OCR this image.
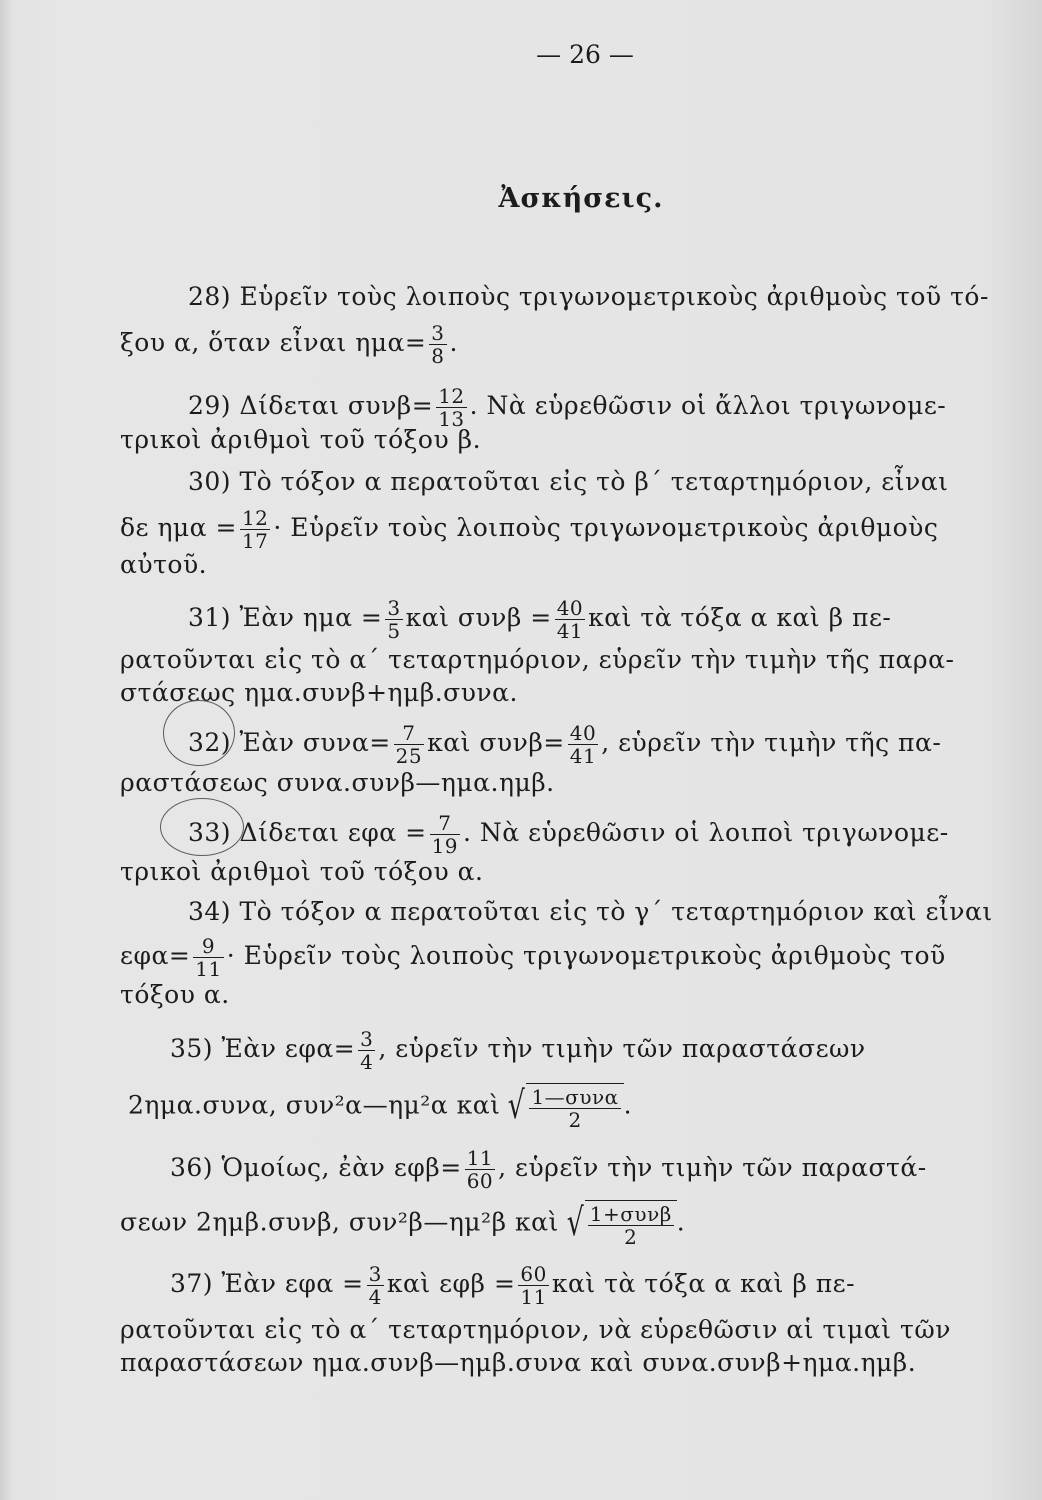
— 26 —
Ἀσκήσεις.
28) Εὑρεῖν τοὺς λοιποὺς τριγωνομετρικοὺς ἀριθμοὺς τοῦ τό-
ξου α, ὅταν εἶναι $\eta\mu\alpha= \frac{3}{8}$ .
29) Δίδεται $\sigma\upsilon\nu\beta= \frac{12}{13}$ . Νὰ εὑρεθῶσιν οἱ ἄλλοι τριγωνομε-
τρικοὶ ἀριθμοὶ τοῦ τόξου β.
30) Τὸ τόξον α περατοῦται εἰς τὸ β΄ τεταρτημόριον, εἶναι
δε $\eta\mu\alpha = \frac{12}{17}$ · Εὑρεῖν τοὺς λοιποὺς τριγωνομετρικοὺς ἀριθμοὺς
αὐτοῦ.
31) Ἐὰν $\eta\mu\alpha = \frac{3}{5}$ καὶ $\sigma\upsilon\nu\beta = \frac{40}{41}$ καὶ τὰ τόξα α καὶ β πε-
ρατοῦνται εἰς τὸ α΄ τεταρτημόριον, εὑρεῖν τὴν τιμὴν τῆς παρα-
στάσεως ημα.συνβ+ημβ.συνα.
32) Ἐὰν $\sigma\upsilon\nu\alpha= \frac{7}{25}$ καὶ $\sigma\upsilon\nu\beta= \frac{40}{41}$ , εὑρεῖν τὴν τιμὴν τῆς πα-
ραστάσεως συνα.συνβ—ημα.ημβ.
33) Δίδεται $\varepsilon\varphi\alpha = \frac{7}{19}$ . Νὰ εὑρεθῶσιν οἱ λοιποὶ τριγωνομε-
τρικοὶ ἀριθμοὶ τοῦ τόξου α.
34) Τὸ τόξον α περατοῦται εἰς τὸ γ΄ τεταρτημόριον καὶ εἶναι
$\varepsilon\varphi\alpha= \frac{9}{11}$ · Εὑρεῖν τοὺς λοιποὺς τριγωνομετρικοὺς ἀριθμοὺς τοῦ
τόξου α.
35) Ἐὰν $\varepsilon\varphi\alpha= \frac{3}{4}$ , εὑρεῖν τὴν τιμὴν τῶν παραστάσεων
2ημα.συνα, συν²α—ημ²α καὶ √ 1—συνα
2
.
36) Ὁμοίως, ἐὰν $\varepsilon\varphi\beta= \frac{11}{60}$ , εὑρεῖν τὴν τιμὴν τῶν παραστά-
σεων 2ημβ.συνβ, συν²β—ημ²β καὶ √ 1+συνβ
2
.
37) Ἐὰν $\varepsilon\varphi\alpha = \frac{3}{4}$ καὶ $\varepsilon\varphi\beta = \frac{60}{11}$ καὶ τὰ τόξα α καὶ β πε-
ρατοῦνται εἰς τὸ α΄ τεταρτημόριον, νὰ εὑρεθῶσιν αἱ τιμαὶ τῶν
παραστάσεων ημα.συνβ—ημβ.συνα καὶ συνα.συνβ+ημα.ημβ.
